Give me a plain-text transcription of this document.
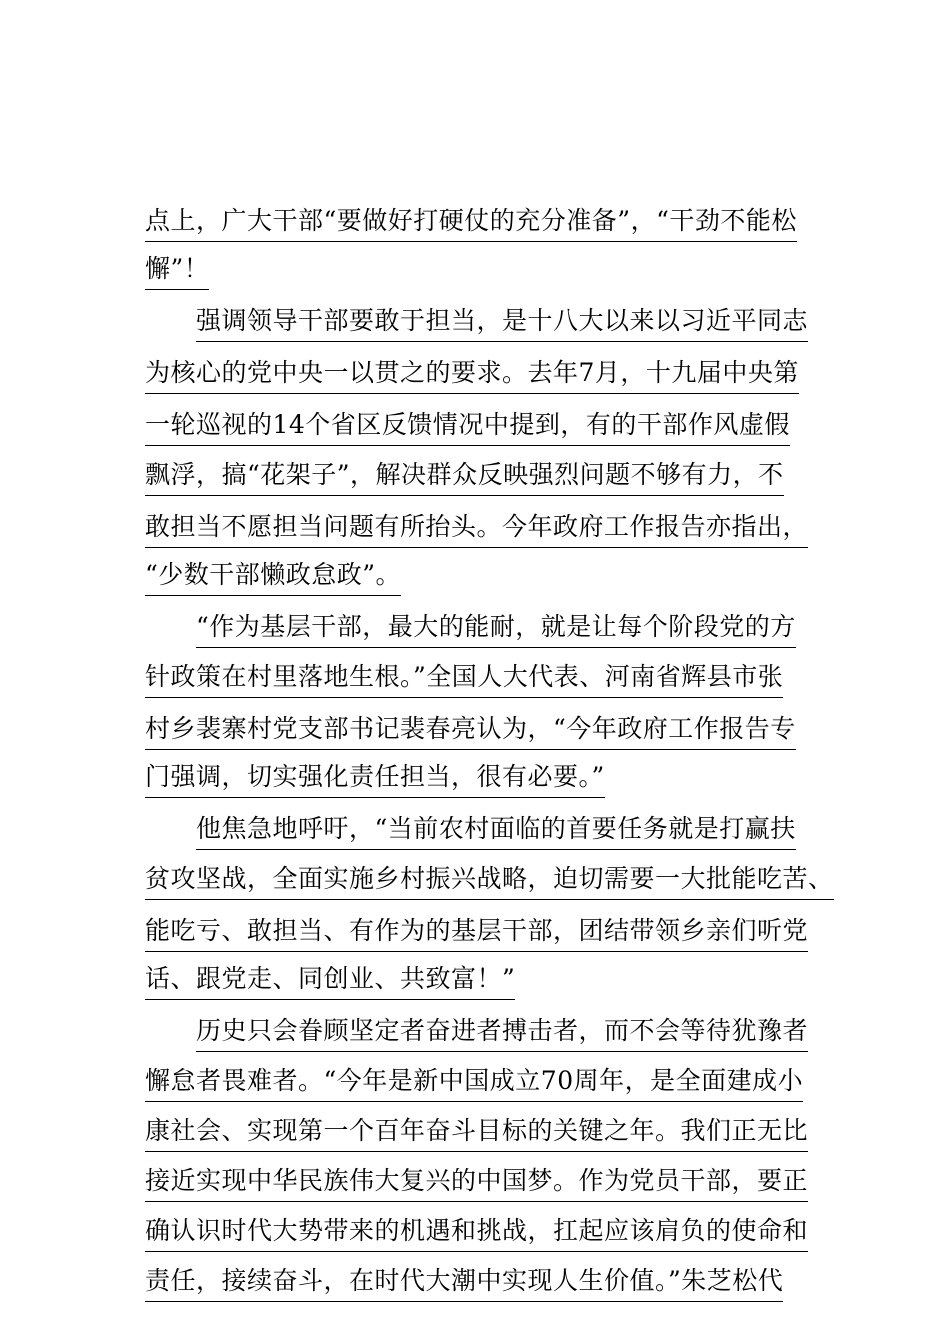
点上，广大干部“要做好打硬仗的充分准备”，“干劲不能松
懈”！
强调领导干部要敢于担当，是十八大以来以习近平同志
为核心的党中央一以贯之的要求。去年7月，十九届中央第
一轮巡视的14个省区反馈情况中提到，有的干部作风虚假
飘浮，搞“花架子”，解决群众反映强烈问题不够有力，不
敢担当不愿担当问题有所抬头。今年政府工作报告亦指出，
“少数干部懒政怠政”。
“作为基层干部，最大的能耐，就是让每个阶段党的方
针政策在村里落地生根。”全国人大代表、河南省辉县市张
村乡裴寨村党支部书记裴春亮认为，“今年政府工作报告专
门强调，切实强化责任担当，很有必要。”
他焦急地呼吁，“当前农村面临的首要任务就是打赢扶
贫攻坚战，全面实施乡村振兴战略，迫切需要一大批能吃苦、
能吃亏、敢担当、有作为的基层干部，团结带领乡亲们听党
话、跟党走、同创业、共致富！”
历史只会眷顾坚定者奋进者搏击者，而不会等待犹豫者
懈怠者畏难者。“今年是新中国成立70周年，是全面建成小
康社会、实现第一个百年奋斗目标的关键之年。我们正无比
接近实现中华民族伟大复兴的中国梦。作为党员干部，要正
确认识时代大势带来的机遇和挑战，扛起应该肩负的使命和
责任，接续奋斗，在时代大潮中实现人生价值。”朱芝松代
